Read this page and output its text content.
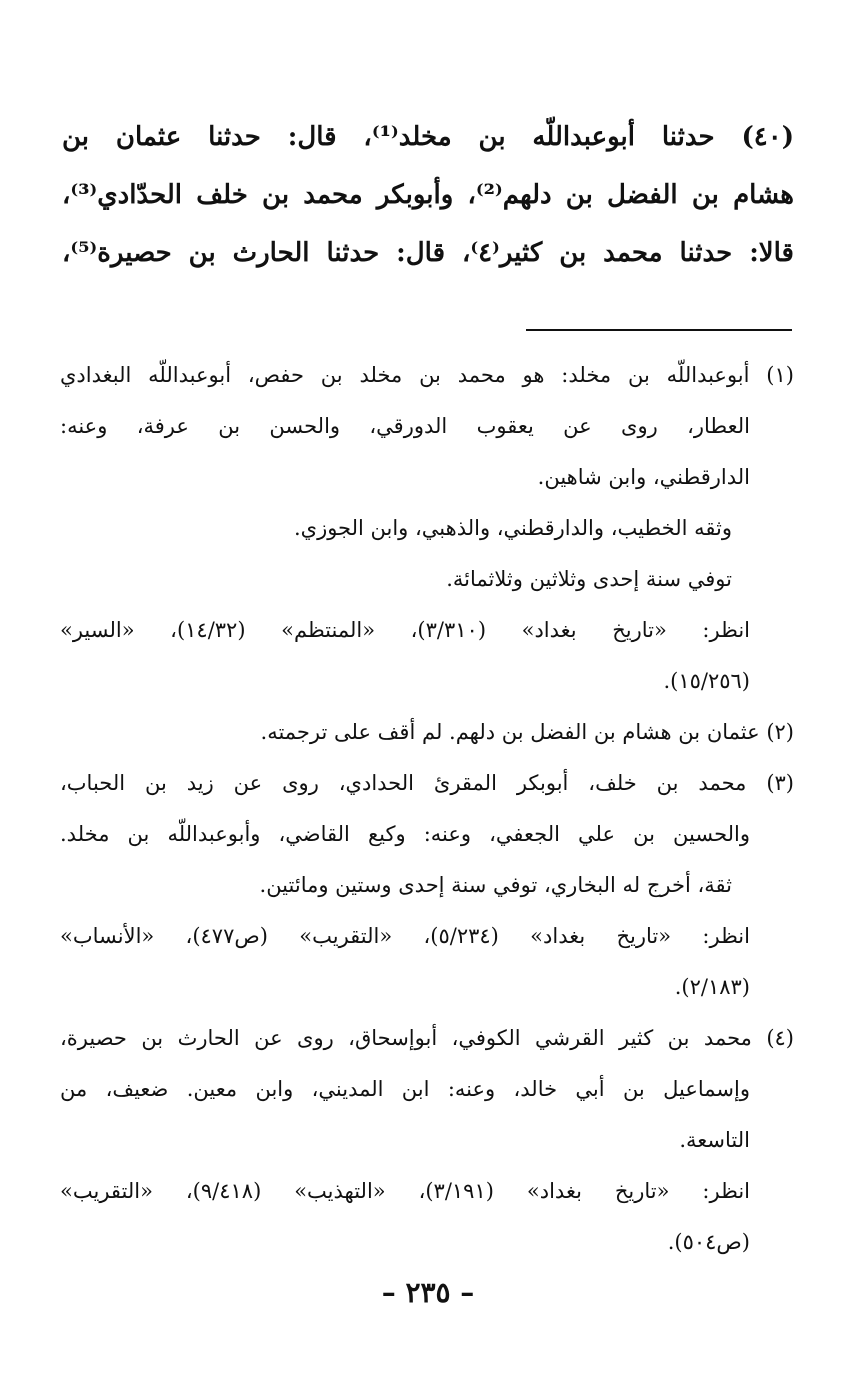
(٤٠) حدثنا أبوعبداللّه بن مخلد⁽¹⁾، قال: حدثنا عثمان بن
هشام بن الفضل بن دلهم⁽²⁾، وأبوبكر محمد بن خلف الحدّادي⁽³⁾،
قالا: حدثنا محمد بن كثير⁽٤⁾، قال: حدثنا الحارث بن حصيرة⁽⁵⁾،
(١) أبوعبداللّه بن مخلد: هو محمد بن مخلد بن حفص، أبوعبداللّه البغدادي
العطار، روى عن يعقوب الدورقي، والحسن بن عرفة، وعنه:
الدارقطني، وابن شاهين.
وثقه الخطيب، والدارقطني، والذهبي، وابن الجوزي.
توفي سنة إحدى وثلاثين وثلاثمائة.
انظر: «تاريخ بغداد» (٣/٣١٠)، «المنتظم» (١٤/٣٢)، «السير»
(١٥/٢٥٦).
(٢) عثمان بن هشام بن الفضل بن دلهم. لم أقف على ترجمته.
(٣) محمد بن خلف، أبوبكر المقرئ الحدادي، روى عن زيد بن الحباب،
والحسين بن علي الجعفي، وعنه: وكيع القاضي، وأبوعبداللّه بن مخلد.
ثقة، أخرج له البخاري، توفي سنة إحدى وستين ومائتين.
انظر: «تاريخ بغداد» (٥/٢٣٤)، «التقريب» (ص٤٧٧)، «الأنساب»
(٢/١٨٣).
(٤) محمد بن كثير القرشي الكوفي، أبوإسحاق، روى عن الحارث بن حصيرة،
وإسماعيل بن أبي خالد، وعنه: ابن المديني، وابن معين. ضعيف، من
التاسعة.
انظر: «تاريخ بغداد» (٣/١٩١)، «التهذيب» (٩/٤١٨)، «التقريب»
(ص٥٠٤).
– ٢٣٥ –
